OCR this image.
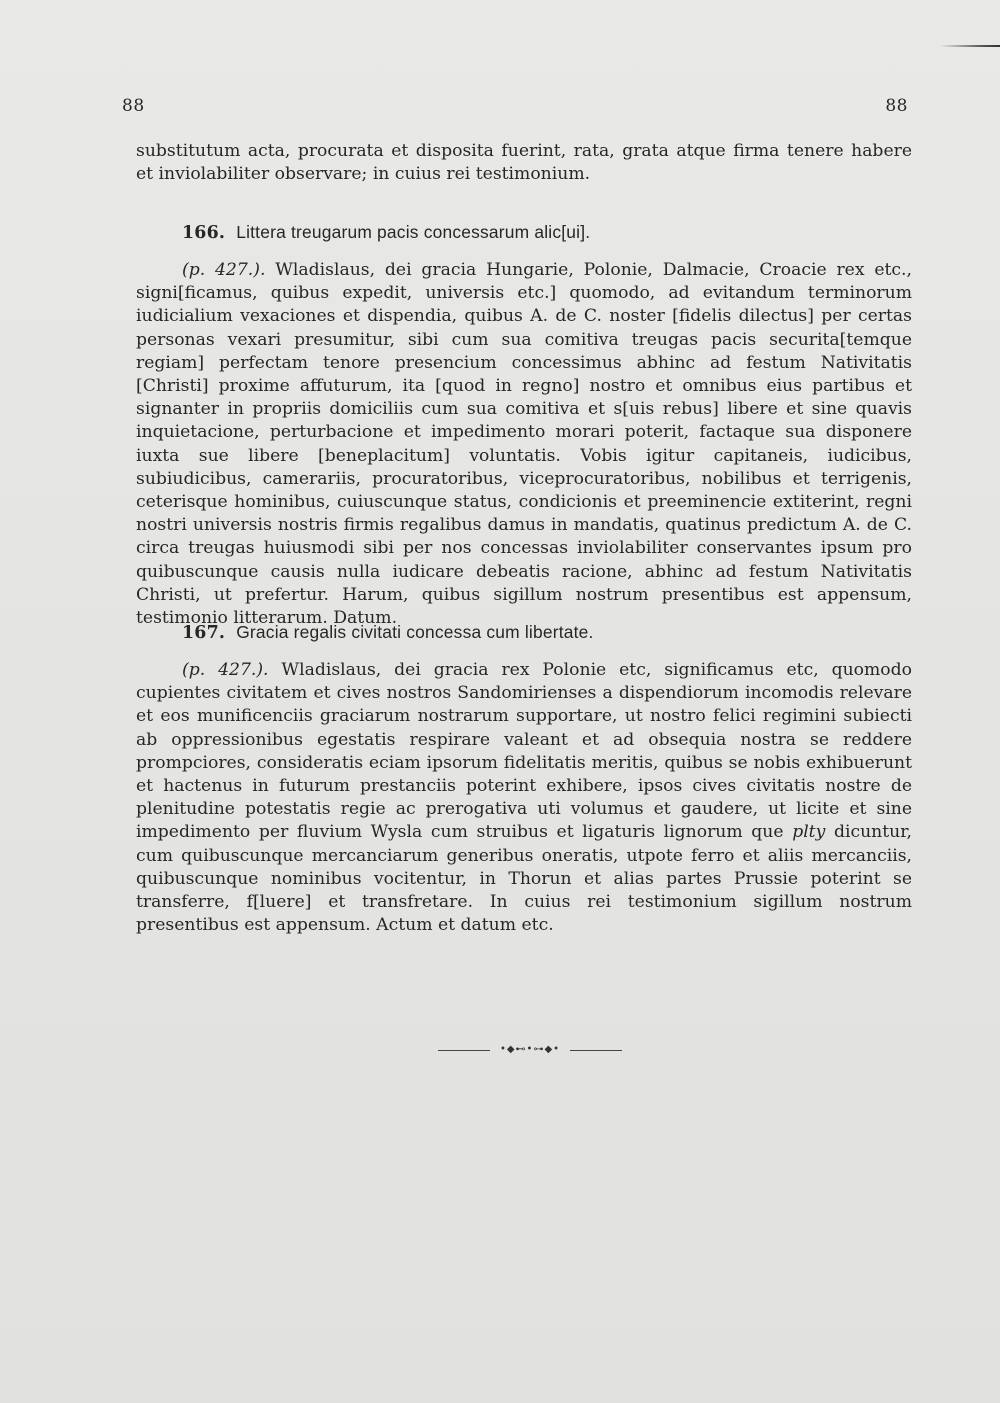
88	88

substitutum acta, procurata et disposita fuerint, rata, grata atque firma tenere habere et inviolabiliter observare; in cuius rei testimonium.

166. Littera treugarum pacis concessarum alic[ui].

(p. 427.). Wladislaus, dei gracia Hungarie, Polonie, Dalmacie, Croacie rex etc., signi[ficamus, quibus expedit, universis etc.] quomodo, ad evitandum terminorum iudicialium vexaciones et dispendia, quibus A. de C. noster [fidelis dilectus] per certas personas vexari presumitur, sibi cum sua comitiva treugas pacis securita[temque regiam] perfectam tenore presencium concessimus abhinc ad festum Nativitatis [Christi] proxime affuturum, ita [quod in regno] nostro et omnibus eius partibus et signanter in propriis domiciliis cum sua comitiva et s[uis rebus] libere et sine quavis inquietacione, perturbacione et impedimento morari poterit, factaque sua disponere iuxta sue libere [beneplacitum] voluntatis. Vobis igitur capitaneis, iudicibus, subiudicibus, camerariis, procuratoribus, viceprocuratoribus, nobilibus et terrigenis, ceterisque hominibus, cuiuscunque status, condicionis et preeminencie extiterint, regni nostri universis nostris firmis regalibus damus in mandatis, quatinus predictum A. de C. circa treugas huiusmodi sibi per nos concessas inviolabiliter conservantes ipsum pro quibuscunque causis nulla iudicare debeatis racione, abhinc ad festum Nativitatis Christi, ut prefertur. Harum, quibus sigillum nostrum presentibus est appensum, testimonio litterarum. Datum.

167. Gracia regalis civitati concessa cum libertate.

(p. 427.). Wladislaus, dei gracia rex Polonie etc, significamus etc, quomodo cupientes civitatem et cives nostros Sandomirienses a dispendiorum incomodis relevare et eos munificenciis graciarum nostrarum supportare, ut nostro felici regimini subiecti ab oppressionibus egestatis respirare valeant et ad obsequia nostra se reddere prompciores, consideratis eciam ipsorum fidelitatis meritis, quibus se nobis exhibuerunt et hactenus in futurum prestanciis poterint exhibere, ipsos cives civitatis nostre de plenitudine potestatis regie ac prerogativa uti volumus et gaudere, ut licite et sine impedimento per fluvium Wysla cum struibus et ligaturis lignorum que plty dicuntur, cum quibuscunque mercanciarum generibus oneratis, utpote ferro et aliis mercanciis, quibuscunque nominibus vocitentur, in Thorun et alias partes Prussie poterint se transferre, f[luere] et transfretare. In cuius rei testimonium sigillum nostrum presentibus est appensum. Actum et datum etc.

•◆⊷•⊶◆•
